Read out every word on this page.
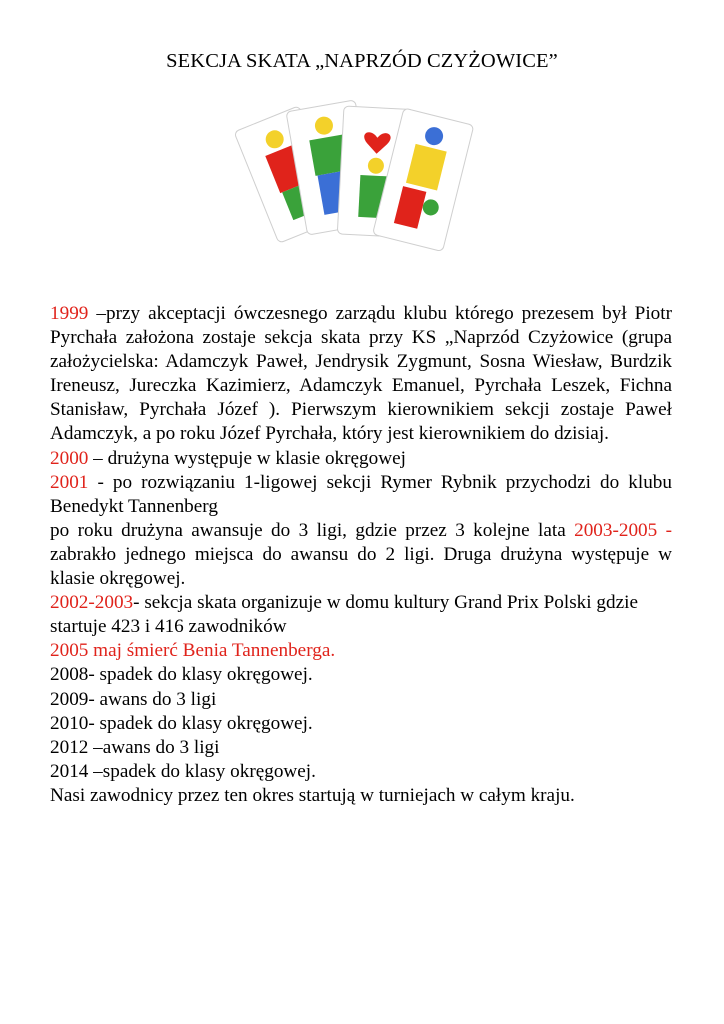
SEKCJA SKATA „NAPRZÓD CZYŻOWICE”

1999 –przy akceptacji ówczesnego zarządu klubu którego prezesem był Piotr Pyrchała założona zostaje sekcja skata przy KS „Naprzód Czyżowice (grupa założycielska: Adamczyk Paweł, Jendrysik Zygmunt, Sosna Wiesław, Burdzik Ireneusz, Jureczka Kazimierz, Adamczyk Emanuel, Pyrchała Leszek, Fichna Stanisław, Pyrchała Józef ). Pierwszym kierownikiem sekcji zostaje Paweł Adamczyk, a po roku Józef Pyrchała, który jest kierownikiem do dzisiaj.

2000 – drużyna występuje w klasie okręgowej

2001 - po rozwiązaniu 1-ligowej sekcji Rymer Rybnik przychodzi do klubu Benedykt Tannenberg

po roku drużyna awansuje do 3 ligi, gdzie przez 3 kolejne lata 2003-2005 - zabrakło jednego miejsca do awansu do 2 ligi. Druga drużyna występuje w klasie okręgowej.

2002-2003- sekcja skata organizuje w domu kultury Grand Prix Polski gdzie startuje 423 i 416 zawodników

2005 maj śmierć Benia Tannenberga.

2008- spadek do klasy okręgowej.

2009- awans do 3 ligi

2010- spadek do klasy okręgowej.

2012 –awans do 3 ligi

2014 –spadek do klasy okręgowej.

Nasi zawodnicy przez ten okres startują w turniejach w całym kraju.
